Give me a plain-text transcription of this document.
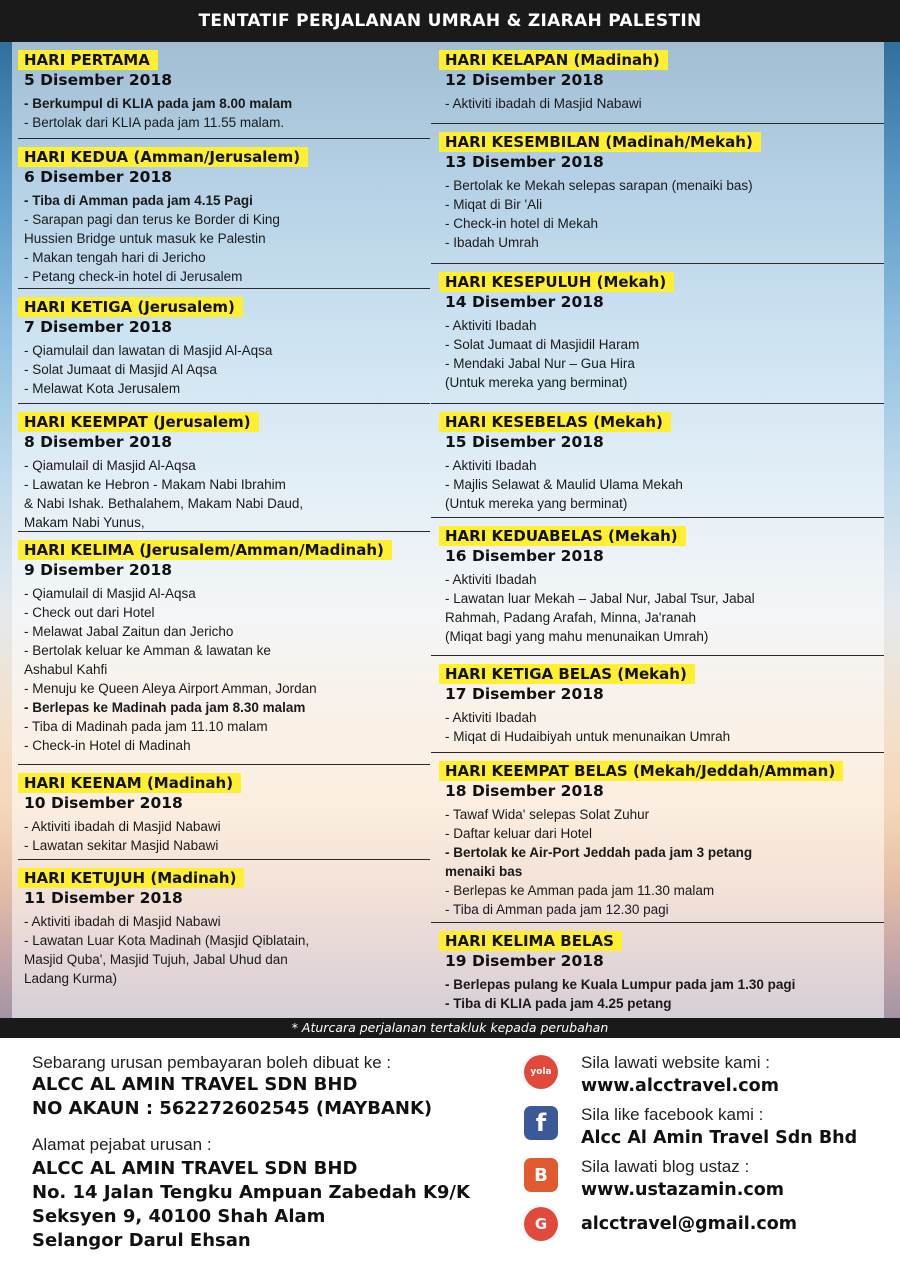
TENTATIF PERJALANAN UMRAH & ZIARAH PALESTIN
HARI PERTAMA
5 Disember 2018
- Berkumpul di KLIA pada jam 8.00 malam
- Bertolak dari KLIA pada jam 11.55 malam.
HARI KEDUA (Amman/Jerusalem)
6 Disember 2018
- Tiba di Amman pada jam 4.15 Pagi
- Sarapan pagi dan terus ke Border di King
Hussien Bridge untuk masuk ke Palestin
- Makan tengah hari di Jericho
- Petang check-in hotel di Jerusalem
HARI KETIGA (Jerusalem)
7 Disember 2018
- Qiamulail dan lawatan di Masjid Al-Aqsa
- Solat Jumaat di Masjid Al Aqsa
- Melawat Kota Jerusalem
HARI KEEMPAT (Jerusalem)
8 Disember 2018
- Qiamulail di Masjid Al-Aqsa
- Lawatan ke Hebron - Makam Nabi Ibrahim
& Nabi Ishak. Bethalahem, Makam Nabi Daud,
Makam Nabi Yunus,
HARI KELIMA (Jerusalem/Amman/Madinah)
9 Disember 2018
- Qiamulail di Masjid Al-Aqsa
- Check out dari Hotel
- Melawat Jabal Zaitun dan Jericho
- Bertolak keluar ke Amman & lawatan ke
Ashabul Kahfi
- Menuju ke Queen Aleya Airport Amman, Jordan
- Berlepas ke Madinah pada jam 8.30 malam
- Tiba di Madinah pada jam 11.10 malam
- Check-in Hotel di Madinah
HARI KEENAM (Madinah)
10 Disember 2018
- Aktiviti ibadah di Masjid Nabawi
- Lawatan sekitar Masjid Nabawi
HARI KETUJUH (Madinah)
11 Disember 2018
- Aktiviti ibadah di Masjid Nabawi
- Lawatan Luar Kota Madinah (Masjid Qiblatain,
Masjid Quba', Masjid Tujuh, Jabal Uhud dan
Ladang Kurma)
HARI KELAPAN (Madinah)
12 Disember 2018
- Aktiviti ibadah di Masjid Nabawi
HARI KESEMBILAN (Madinah/Mekah)
13 Disember 2018
- Bertolak ke Mekah selepas sarapan (menaiki bas)
- Miqat di Bir 'Ali
- Check-in hotel di Mekah
- Ibadah Umrah
HARI KESEPULUH (Mekah)
14 Disember 2018
- Aktiviti Ibadah
- Solat Jumaat di Masjidil Haram
- Mendaki Jabal Nur – Gua Hira
(Untuk mereka yang berminat)
HARI KESEBELAS (Mekah)
15 Disember 2018
- Aktiviti Ibadah
- Majlis Selawat & Maulid Ulama Mekah
(Untuk mereka yang berminat)
HARI KEDUABELAS (Mekah)
16 Disember 2018
- Aktiviti Ibadah
- Lawatan luar Mekah – Jabal Nur, Jabal Tsur, Jabal
Rahmah, Padang Arafah, Minna, Ja'ranah
(Miqat bagi yang mahu menunaikan Umrah)
HARI KETIGA BELAS (Mekah)
17 Disember 2018
- Aktiviti Ibadah
- Miqat di Hudaibiyah untuk menunaikan Umrah
HARI KEEMPAT BELAS (Mekah/Jeddah/Amman)
18 Disember 2018
- Tawaf Wida' selepas Solat Zuhur
- Daftar keluar dari Hotel
- Bertolak ke Air-Port Jeddah pada jam 3 petang
menaiki bas
- Berlepas ke Amman pada jam 11.30 malam
- Tiba di Amman pada jam 12.30 pagi
HARI KELIMA BELAS
19 Disember 2018
- Berlepas pulang ke Kuala Lumpur pada jam 1.30 pagi
- Tiba di KLIA pada jam 4.25 petang
* Aturcara perjalanan tertakluk kepada perubahan
Sebarang urusan pembayaran boleh dibuat ke :
ALCC AL AMIN TRAVEL SDN BHD
NO AKAUN : 562272602545 (MAYBANK)
Alamat pejabat urusan :
ALCC AL AMIN TRAVEL SDN BHD
No. 14 Jalan Tengku Ampuan Zabedah K9/K
Seksyen 9, 40100 Shah Alam
Selangor Darul Ehsan
yola	Sila lawati website kami :
www.alcctravel.com
f	Sila like facebook kami :
Alcc Al Amin Travel Sdn Bhd
B	Sila lawati blog ustaz :
www.ustazamin.com
G	alcctravel@gmail.com
